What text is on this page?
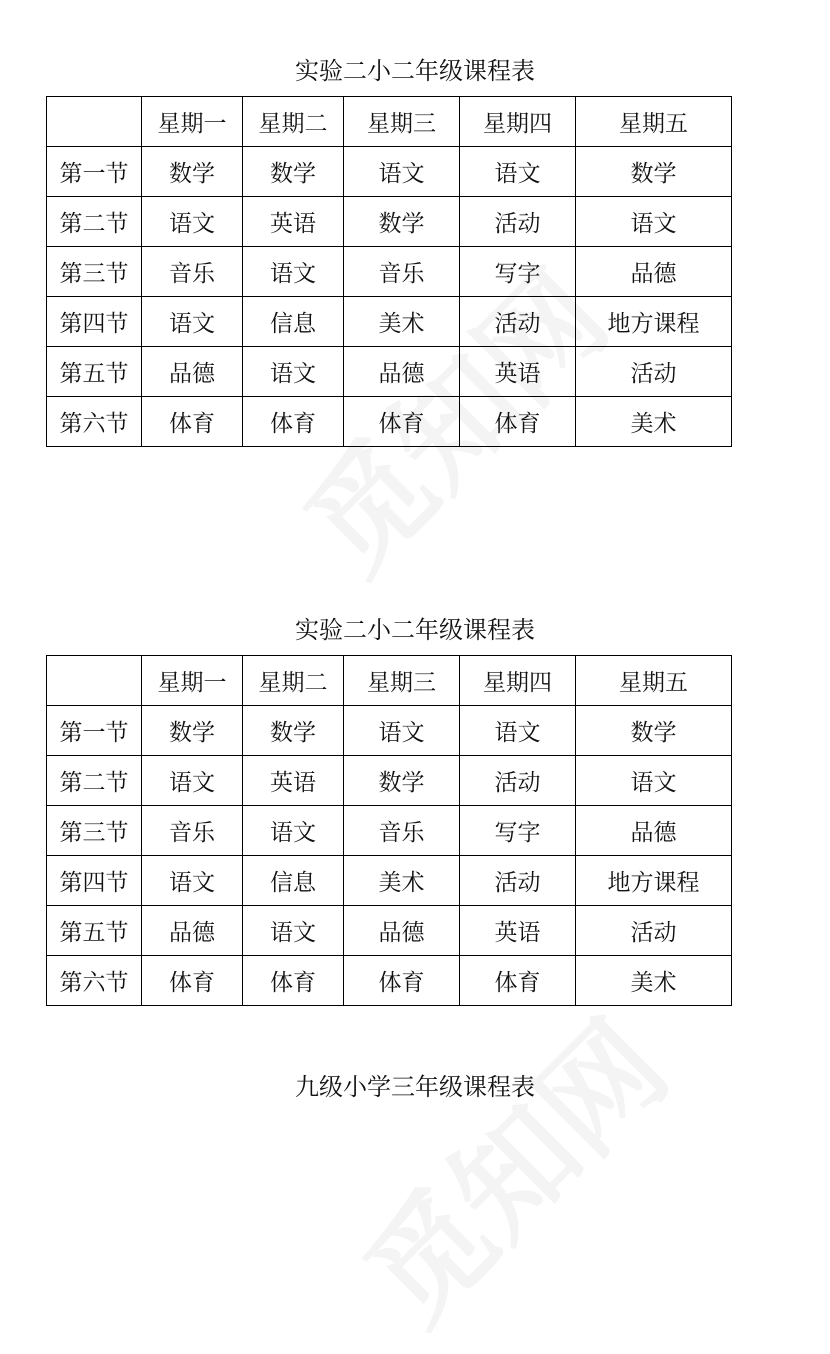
实验二小二年级课程表
	星期一	星期二	星期三	星期四	星期五
第一节	数学	数学	语文	语文	数学
第二节	语文	英语	数学	活动	语文
第三节	音乐	语文	音乐	写字	品德
第四节	语文	信息	美术	活动	地方课程
第五节	品德	语文	品德	英语	活动
第六节	体育	体育	体育	体育	美术
实验二小二年级课程表
	星期一	星期二	星期三	星期四	星期五
第一节	数学	数学	语文	语文	数学
第二节	语文	英语	数学	活动	语文
第三节	音乐	语文	音乐	写字	品德
第四节	语文	信息	美术	活动	地方课程
第五节	品德	语文	品德	英语	活动
第六节	体育	体育	体育	体育	美术
九级小学三年级课程表
